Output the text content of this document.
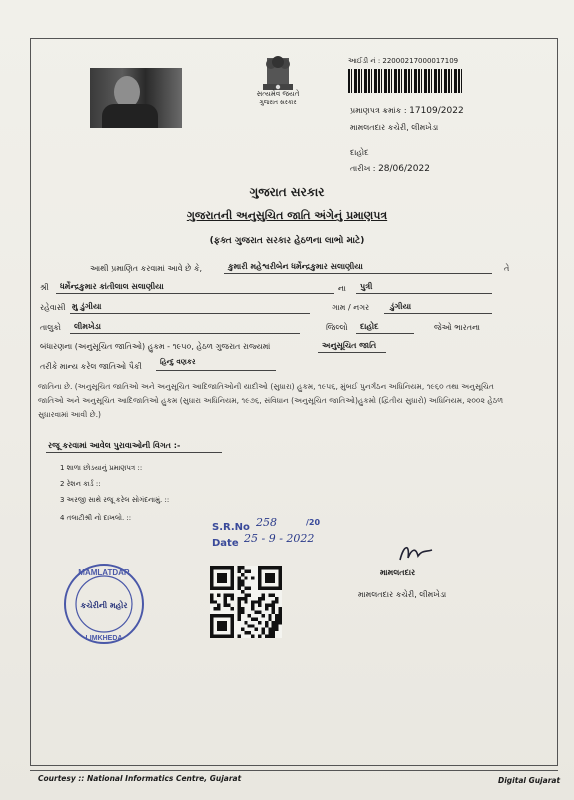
સત્યમેવ જયતે
ગુજરાત સરકાર
આઈડી નં : 22000217000017109
પ્રમાણપત્ર ક્રમાંક : 17109/2022
મામલતદાર કચેરી, લીમખેડા
દાહોદ
તારીખ : 28/06/2022
ગુજરાત સરકાર
ગુજરાતની અનુસુચિત જાતિ અંગેનું પ્રમાણપત્ર
(ફક્ત ગુજરાત સરકાર હેઠળના લાભો માટે)
આથી પ્રમાણિત કરવામાં આવે છે કે,	કુમારી મહેશ્વરીબેન ધર્મેન્દ્રકુમાર સલાણીયા	તે
શ્રી ધર્મેન્દ્રકુમાર કાંતીલાલ સલાણીયા	ના પુત્રી
રહેવાસી મુ ડુંગીયા	ગામ / નગર	ડુંગીયા
તાલુકો લીમખેડા	જિલ્લો દાહોદ	જેઓ ભારતના
બંધારણના (અનુસૂચિત જાતિઓ) હુકમ - ૧૯૫૦, હેઠળ ગુજરાત રાજ્યમાં	અનુસૂચિત જાતિ
તરીકે માન્ય કરેલ જાતિઓ પૈકી	હિન્દુ વણકર
જાતિના છે. (અનુસૂચિત જાતિઓ અને અનુસૂચિત આદિજાતિઓની યાદીઓ (સુધારા) હુકમ, ૧૯૫૬, મુંબઈ પુનર્ગઠન અધિનિયમ, ૧૯૬૦ તથા અનુસૂચિત જાતિઓ અને અનુસૂચિત આદિજાતિઓ હુકમ (સુધારા અધિનિયમ, ૧૯૭૬, સંવિધાન (અનુસૂચિત જાતિઓ)હુકમો (દ્વિતીય સુધારો) અધિનિયમ, ૨૦૦૨ હેઠળ સુધારવામાં આવી છે.)
રજૂ કરવામાં આવેલ પુરાવાઓની વિગત :-
1 શાળા છોડયાનું પ્રમાણપત્ર ::
2 રેશન કાર્ડ ::
3 અરજી સાથે રજૂ કરેલ સોગંદનામું. ::
4 તલાટીશ્રી નો દાખલો. ::
S.R.No 258	/20
Date 25 - 9 - 2022
મામલતદાર
મામલતદાર કચેરી, લીમખેડા
MAMLATDAR
કચેરીની મહોર
LIMKHEDA
Courtesy :: National Informatics Centre, Gujarat	Digital Gujarat
